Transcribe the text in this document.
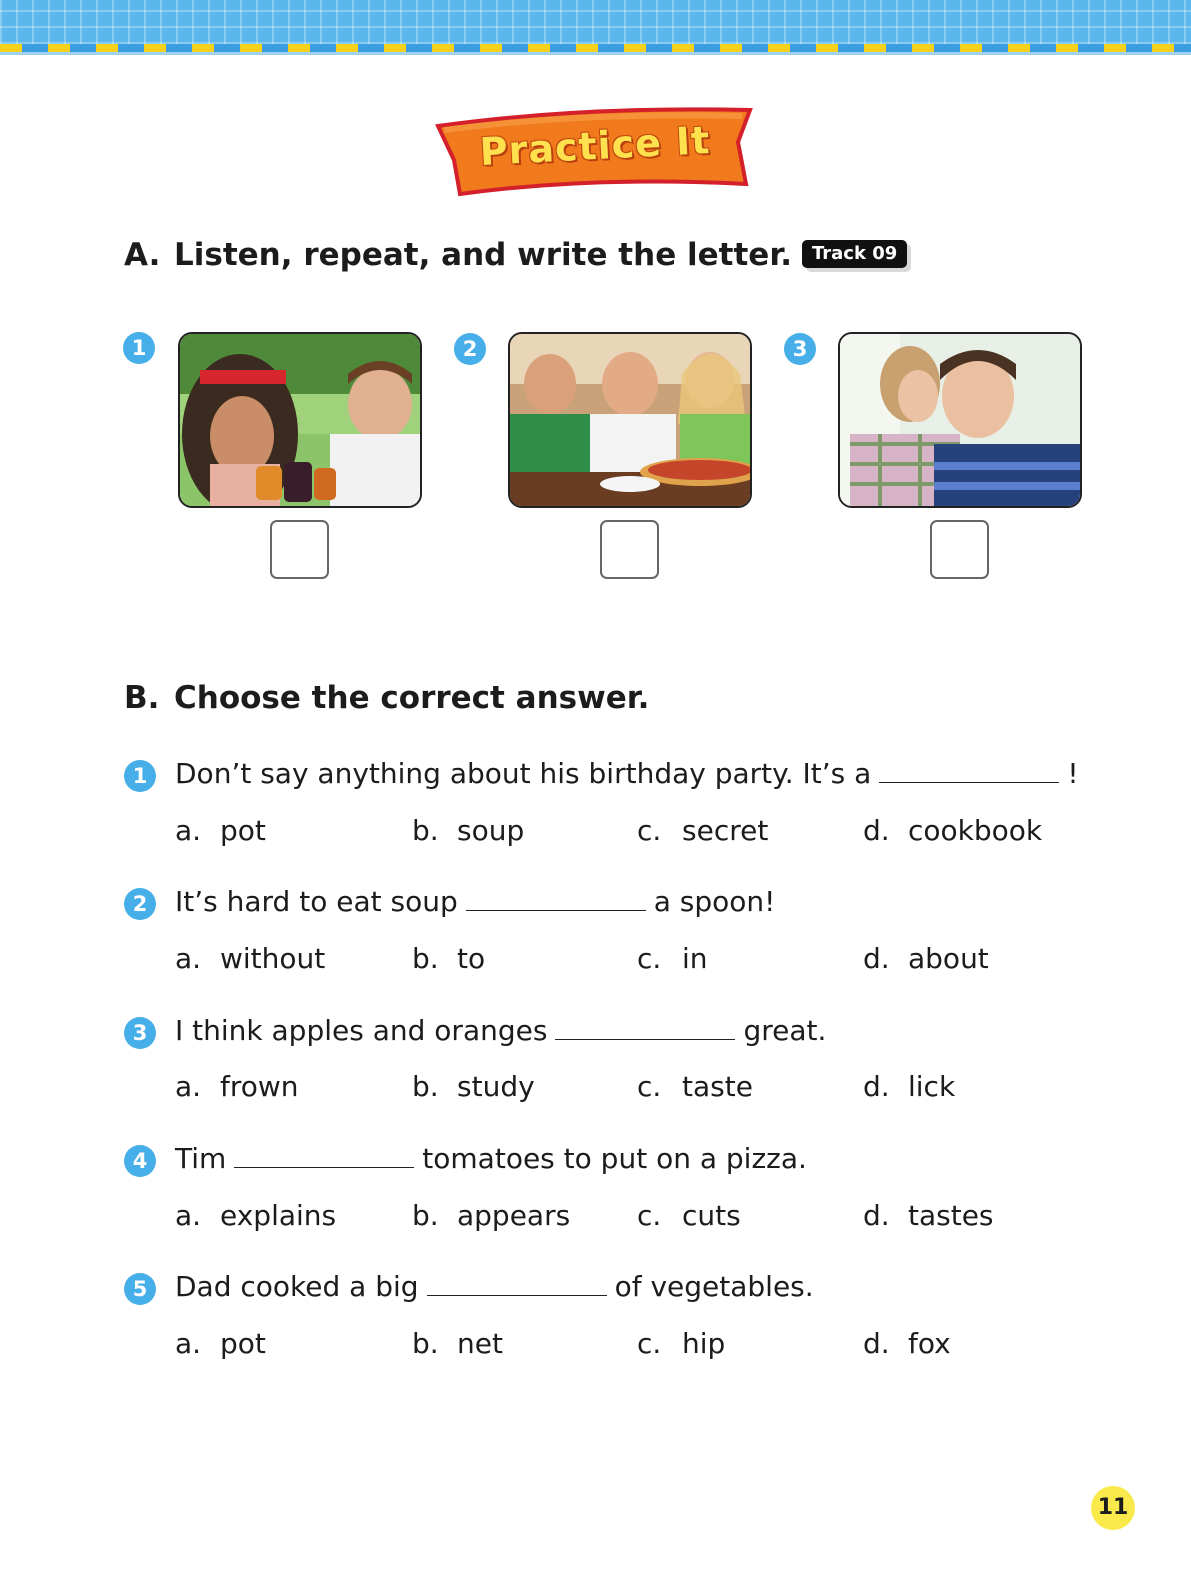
Practice It
A. Listen, repeat, and write the letter. Track 09
1	2	3
B. Choose the correct answer.
1 Don’t say anything about his birthday party. It’s a	!
a. pot	b. soup	c. secret	d. cookbook
2 It’s hard to eat soup	a spoon!
a. without	b. to	c. in	d. about
3 I think apples and oranges	great.
a. frown	b. study	c. taste	d. lick
4 Tim	tomatoes to put on a pizza.
a. explains	b. appears c. cuts	d. tastes
5 Dad cooked a big	of vegetables.
a. pot	b. net	c. hip	d. fox
11
